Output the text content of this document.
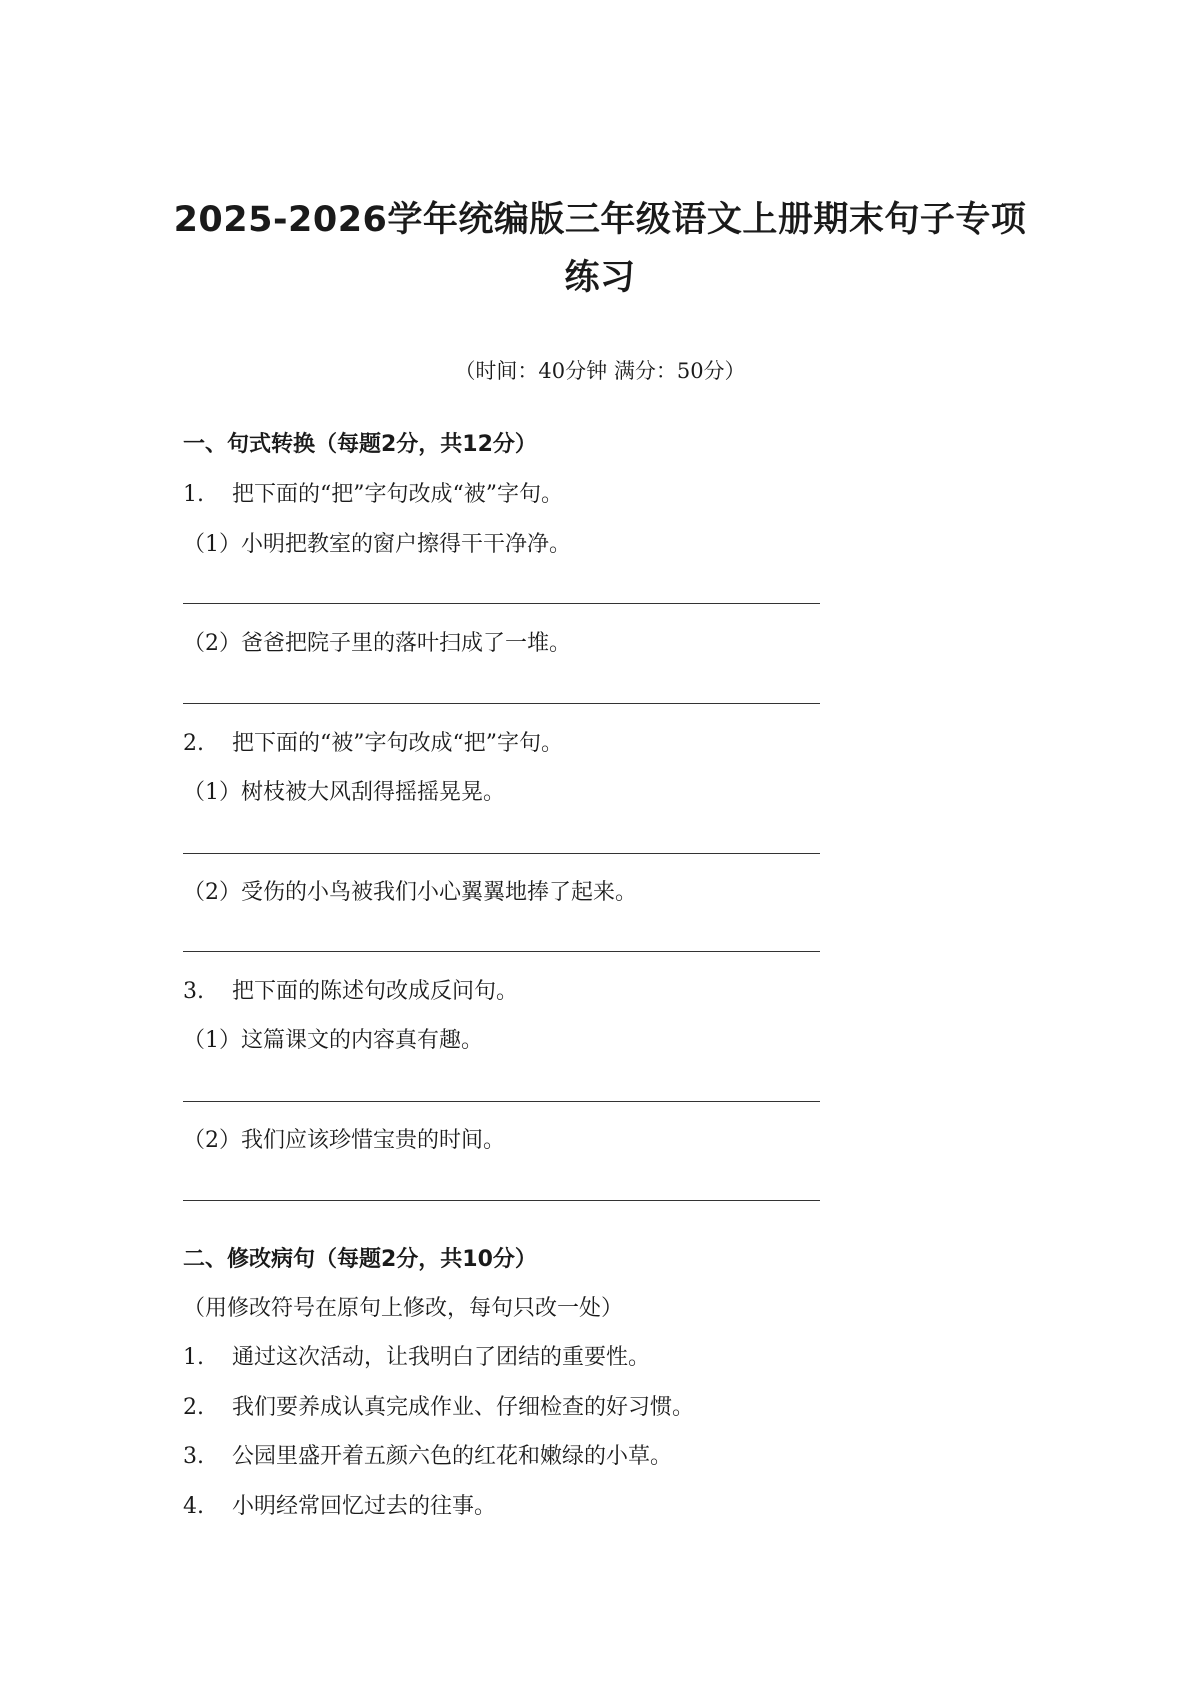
2025-2026学年统编版三年级语文上册期末句子专项
练习
（时间：40分钟 满分：50分）
一、句式转换（每题2分，共12分）
1. 把下面的“把”字句改成“被”字句。
（1）小明把教室的窗户擦得干干净净。
（2）爸爸把院子里的落叶扫成了一堆。
2. 把下面的“被”字句改成“把”字句。
（1）树枝被大风刮得摇摇晃晃。
（2）受伤的小鸟被我们小心翼翼地捧了起来。
3. 把下面的陈述句改成反问句。
（1）这篇课文的内容真有趣。
（2）我们应该珍惜宝贵的时间。
二、修改病句（每题2分，共10分）
（用修改符号在原句上修改，每句只改一处）
1. 通过这次活动，让我明白了团结的重要性。
2. 我们要养成认真完成作业、仔细检查的好习惯。
3. 公园里盛开着五颜六色的红花和嫩绿的小草。
4. 小明经常回忆过去的往事。
